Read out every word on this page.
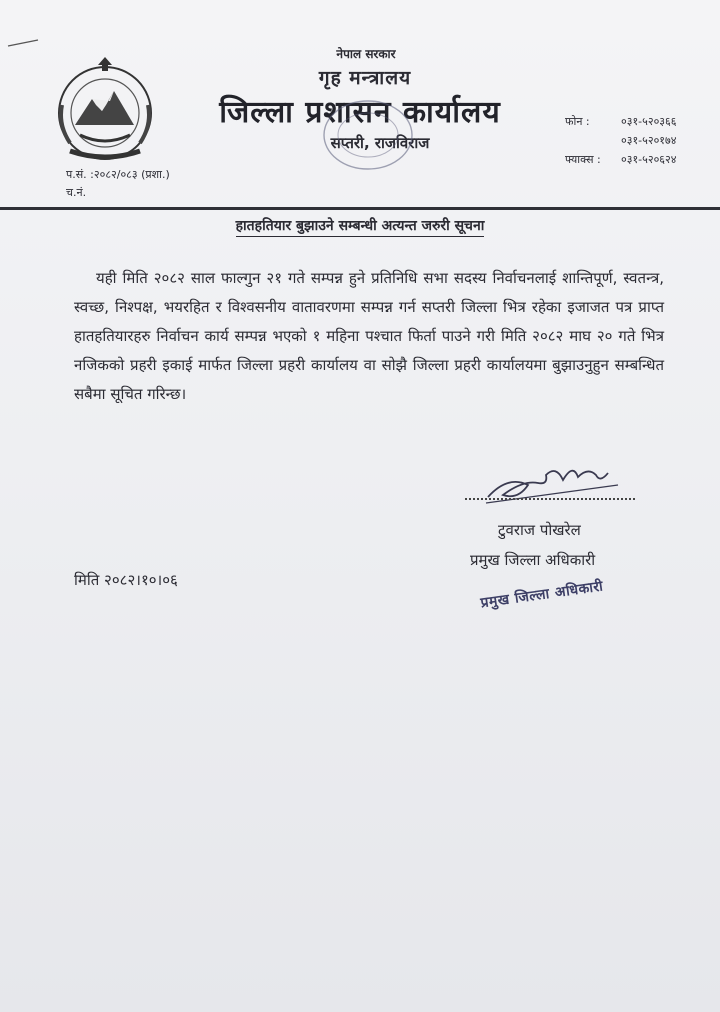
नेपाल सरकार
गृह मन्त्रालय
जिल्ला प्रशासन कार्यालय
सप्तरी, राजविराज
फोन :	०३१-५२०३६६
०३१-५२०१७४
फ्याक्स :	०३१-५२०६२४
प.सं. :२०८२/०८३ (प्रशा.)
च.नं.
हातहतियार बुझाउने सम्बन्धी अत्यन्त जरुरी सूचना
यही मिति २०८२ साल फाल्गुन २१ गते सम्पन्न हुने प्रतिनिधि सभा सदस्य निर्वाचनलाई शान्तिपूर्ण, स्वतन्त्र, स्वच्छ, निश्पक्ष, भयरहित र विश्वसनीय वातावरणमा सम्पन्न गर्न सप्तरी जिल्ला भित्र रहेका इजाजत पत्र प्राप्त हातहतियारहरु निर्वाचन कार्य सम्पन्न भएको १ महिना पश्चात फिर्ता पाउने गरी मिति २०८२ माघ २० गते भित्र नजिकको प्रहरी इकाई मार्फत जिल्ला प्रहरी कार्यालय वा सोझै जिल्ला प्रहरी कार्यालयमा बुझाउनुहुन सम्बन्धित सबैमा सूचित गरिन्छ।
टुवराज पोखरेल
प्रमुख जिल्ला अधिकारी
मिति २०८२।१०।०६	प्रमुख जिल्ला अधिकारी
